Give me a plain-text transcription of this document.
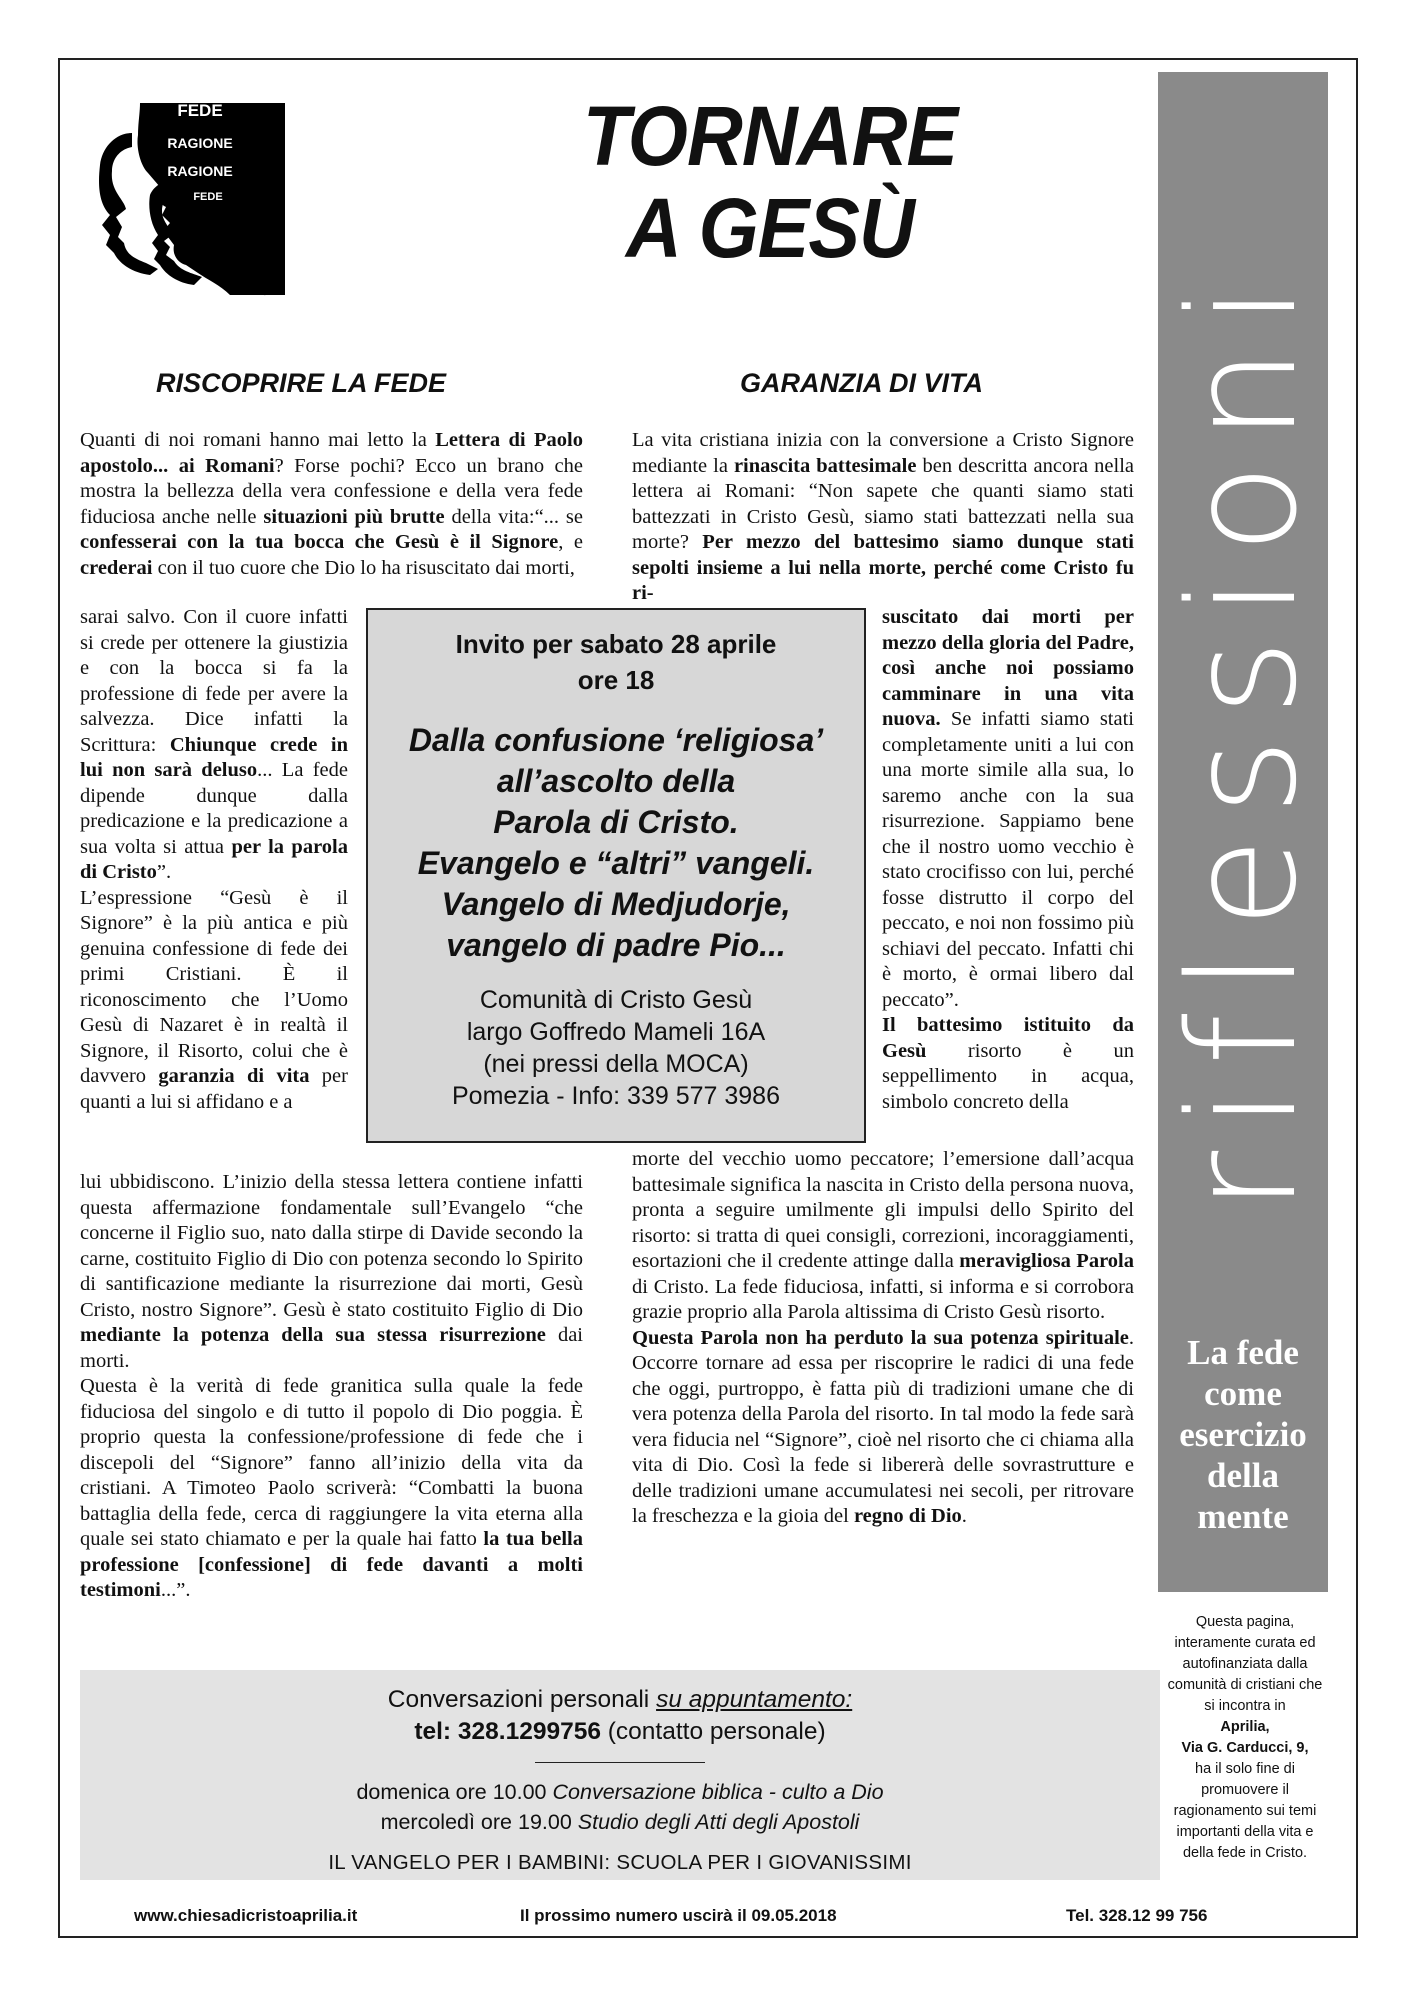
FEDE
RAGIONE
RAGIONE
FEDE
®
TORNARE
A GESÙ
riflessioni
La fede
come
esercizio
della
mente
RISCOPRIRE LA FEDE	GARANZIA DI VITA

Quanti di noi romani hanno mai letto la Lettera di Paolo apostolo... ai Romani? Forse pochi? Ecco un brano che mostra la bellezza della vera confessione e della vera fede fiduciosa anche nelle situazioni più brutte della vita:“... se confesserai con la tua bocca che Gesù è il Signore, e crederai con il tuo cuore che Dio lo ha risuscitato dai morti,

sarai salvo. Con il cuore infatti si crede per ottenere la giustizia e con la bocca si fa la professione di fede per avere la salvezza. Dice infatti la Scrittura: Chiunque crede in lui non sarà deluso... La fede dipende dunque dalla predicazione e la predicazione a sua volta si attua per la parola di Cristo”.

L’espressione “Gesù è il Signore” è la più antica e più genuina confessione di fede dei primi Cristiani. È il riconoscimento che l’Uomo Gesù di Nazaret è in realtà il Signore, il Risorto, colui che è davvero garanzia di vita per quanti a lui si affidano e a

lui ubbidiscono. L’inizio della stessa lettera contiene infatti questa affermazione fondamentale sull’Evangelo “che concerne il Figlio suo, nato dalla stirpe di Davide secondo la carne, costituito Figlio di Dio con potenza secondo lo Spirito di santificazione mediante la risurrezione dai morti, Gesù Cristo, nostro Signore”. Gesù è stato costituito Figlio di Dio mediante la potenza della sua stessa risurrezione dai morti.

Questa è la verità di fede granitica sulla quale la fede fiduciosa del singolo e di tutto il popolo di Dio poggia. È proprio questa la confessione/professione di fede che i discepoli del “Signore” fanno all’inizio della vita da cristiani. A Timoteo Paolo scriverà: “Combatti la buona battaglia della fede, cerca di raggiungere la vita eterna alla quale sei stato chiamato e per la quale hai fatto la tua bella professione [confessione] di fede davanti a molti testimoni...”.

La vita cristiana inizia con la conversione a Cristo Signore mediante la rinascita battesimale ben descritta ancora nella lettera ai Romani: “Non sapete che quanti siamo stati battezzati in Cristo Gesù, siamo stati battezzati nella sua morte? Per mezzo del battesimo siamo dunque stati sepolti insieme a lui nella morte, perché come Cristo fu ri-

suscitato dai morti per mezzo della gloria del Padre, così anche noi possiamo camminare in una vita nuova. Se infatti siamo stati completamente uniti a lui con una morte simile alla sua, lo saremo anche con la sua risurrezione. Sappiamo bene che il nostro uomo vecchio è stato crocifisso con lui, perché fosse distrutto il corpo del peccato, e noi non fossimo più schiavi del peccato. Infatti chi è morto, è ormai libero dal peccato”.

Il battesimo istituito da Gesù risorto è un seppellimento in acqua, simbolo concreto della

morte del vecchio uomo peccatore; l’emersione dall’acqua battesimale significa la nascita in Cristo della persona nuova, pronta a seguire umilmente gli impulsi dello Spirito del risorto: si tratta di quei consigli, correzioni, incoraggiamenti, esortazioni che il credente attinge dalla meravigliosa Parola di Cristo. La fede fiduciosa, infatti, si informa e si corrobora grazie proprio alla Parola altissima di Cristo Gesù risorto.

Questa Parola non ha perduto la sua potenza spirituale. Occorre tornare ad essa per riscoprire le radici di una fede che oggi, purtroppo, è fatta più di tradizioni umane che di vera potenza della Parola del risorto. In tal modo la fede sarà vera fiducia nel “Signore”, cioè nel risorto che ci chiama alla vita di Dio. Così la fede si libererà delle sovrastrutture e delle tradizioni umane accumulatesi nei secoli, per ritrovare la freschezza e la gioia del regno di Dio.

Invito per sabato 28 aprile
ore 18
Dalla confusione ‘religiosa’
all’ascolto della
Parola di Cristo.
Evangelo e “altri” vangeli.
Vangelo di Medjudorje,
vangelo di padre Pio...
Comunità di Cristo Gesù
largo Goffredo Mameli 16A
(nei pressi della MOCA)
Pomezia - Info: 339 577 3986
Conversazioni personali su appuntamento:
tel: 328.1299756 (contatto personale)
domenica ore 10.00 Conversazione biblica - culto a Dio
mercoledì ore 19.00 Studio degli Atti degli Apostoli
IL VANGELO PER I BAMBINI: SCUOLA PER I GIOVANISSIMI
Questa pagina, interamente curata ed autofinanziata dalla comunità di cristiani che si incontra in
Aprilia,
Via G. Carducci, 9,
ha il solo fine di promuovere il ragionamento sui temi importanti della vita e della fede in Cristo.
www.chiesadicristoaprilia.it	Il prossimo numero uscirà il 09.05.2018	Tel. 328.12 99 756
